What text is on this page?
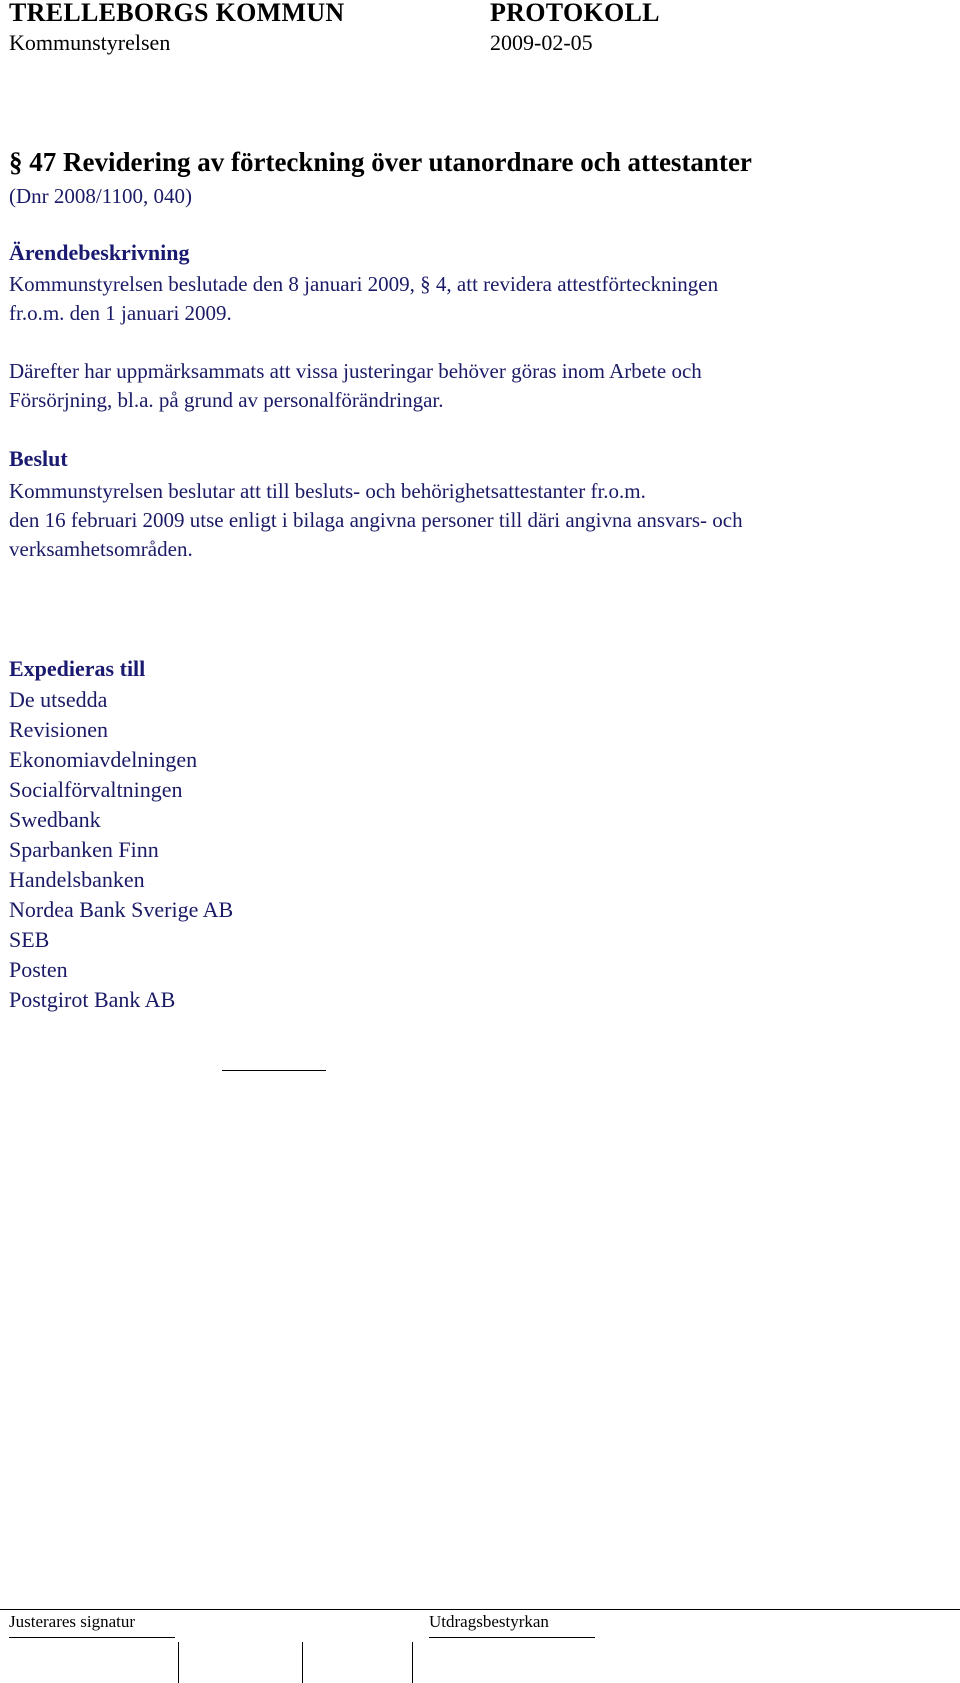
TRELLEBORGS KOMMUN	PROTOKOLL
Kommunstyrelsen	2009-02-05
§ 47 Revidering av förteckning över utanordnare och attestanter
(Dnr 2008/1100, 040)
Ärendebeskrivning
Kommunstyrelsen beslutade den 8 januari 2009, § 4, att revidera attestförteckningen
fr.o.m. den 1 januari 2009.
Därefter har uppmärksammats att vissa justeringar behöver göras inom Arbete och
Försörjning, bl.a. på grund av personalförändringar.
Beslut
Kommunstyrelsen beslutar att till besluts- och behörighetsattestanter fr.o.m.
den 16 februari 2009 utse enligt i bilaga angivna personer till däri angivna ansvars- och
verksamhetsområden.
Expedieras till
De utsedda
Revisionen
Ekonomiavdelningen
Socialförvaltningen
Swedbank
Sparbanken Finn
Handelsbanken
Nordea Bank Sverige AB
SEB
Posten
Postgirot Bank AB
Justerares signatur	Utdragsbestyrkan
